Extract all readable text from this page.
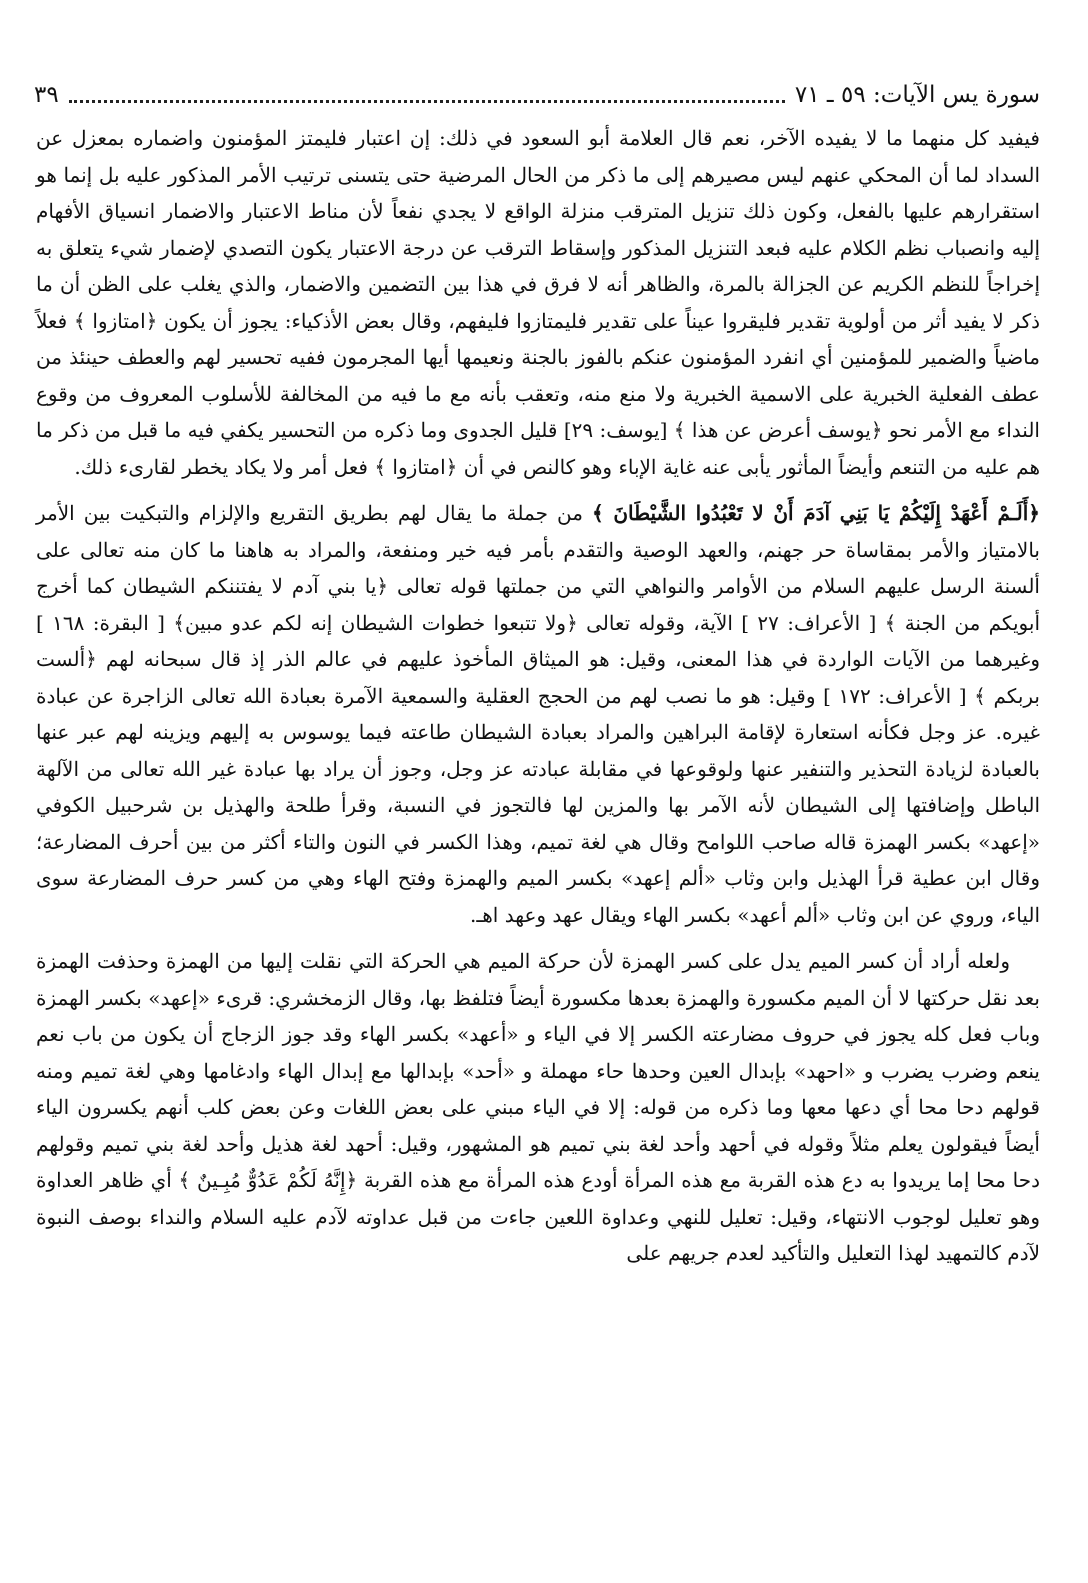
سورة يس الآيات: ٥٩ ـ ٧١
٣٩

فيفيد كل منهما ما لا يفيده الآخر، نعم قال العلامة أبو السعود في ذلك: إن اعتبار فليمتز المؤمنون واضماره بمعزل عن السداد لما أن المحكي عنهم ليس مصيرهم إلى ما ذكر من الحال المرضية حتى يتسنى ترتيب الأمر المذكور عليه بل إنما هو استقرارهم عليها بالفعل، وكون ذلك تنزيل المترقب منزلة الواقع لا يجدي نفعاً لأن مناط الاعتبار والاضمار انسياق الأفهام إليه وانصباب نظم الكلام عليه فبعد التنزيل المذكور وإسقاط الترقب عن درجة الاعتبار يكون التصدي لإضمار شيء يتعلق به إخراجاً للنظم الكريم عن الجزالة بالمرة، والظاهر أنه لا فرق في هذا بين التضمين والاضمار، والذي يغلب على الظن أن ما ذكر لا يفيد أثر من أولوية تقدير فليقروا عيناً على تقدير فليمتازوا فليفهم، وقال بعض الأذكياء: يجوز أن يكون ﴿امتازوا ﴾ فعلاً ماضياً والضمير للمؤمنين أي انفرد المؤمنون عنكم بالفوز بالجنة ونعيمها أيها المجرمون ففيه تحسير لهم والعطف حينئذ من عطف الفعلية الخبرية على الاسمية الخبرية ولا منع منه، وتعقب بأنه مع ما فيه من المخالفة للأسلوب المعروف من وقوع النداء مع الأمر نحو ﴿يوسف أعرض عن هذا ﴾ [يوسف: ٢٩] قليل الجدوى وما ذكره من التحسير يكفي فيه ما قبل من ذكر ما هم عليه من التنعم وأيضاً المأثور يأبى عنه غاية الإباء وهو كالنص في أن ﴿امتازوا ﴾ فعل أمر ولا يكاد يخطر لقارىء ذلك.

﴿أَلَـمْ أَعْهَدْ إِلَيْكُمْ يَا بَنِي آدَمَ أَنْ لا تَعْبُدُوا الشَّيْطَانَ ﴾ من جملة ما يقال لهم بطريق التقريع والإلزام والتبكيت بين الأمر بالامتياز والأمر بمقاساة حر جهنم، والعهد الوصية والتقدم بأمر فيه خير ومنفعة، والمراد به هاهنا ما كان منه تعالى على ألسنة الرسل عليهم السلام من الأوامر والنواهي التي من جملتها قوله تعالى ﴿يا بني آدم لا يفتننكم الشيطان كما أخرج أبويكم من الجنة ﴾ [ الأعراف: ٢٧ ] الآية، وقوله تعالى ﴿ولا تتبعوا خطوات الشيطان إنه لكم عدو مبين﴾ [ البقرة: ١٦٨ ] وغيرهما من الآيات الواردة في هذا المعنى، وقيل: هو الميثاق المأخوذ عليهم في عالم الذر إذ قال سبحانه لهم ﴿ألست بربكم ﴾ [ الأعراف: ١٧٢ ] وقيل: هو ما نصب لهم من الحجج العقلية والسمعية الآمرة بعبادة الله تعالى الزاجرة عن عبادة غيره. عز وجل فكأنه استعارة لإقامة البراهين والمراد بعبادة الشيطان طاعته فيما يوسوس به إليهم ويزينه لهم عبر عنها بالعبادة لزيادة التحذير والتنفير عنها ولوقوعها في مقابلة عبادته عز وجل، وجوز أن يراد بها عبادة غير الله تعالى من الآلهة الباطل وإضافتها إلى الشيطان لأنه الآمر بها والمزين لها فالتجوز في النسبة، وقرأ طلحة والهذيل بن شرحبيل الكوفي «إعهد» بكسر الهمزة قاله صاحب اللوامح وقال هي لغة تميم، وهذا الكسر في النون والتاء أكثر من بين أحرف المضارعة؛ وقال ابن عطية قرأ الهذيل وابن وثاب «ألم إعهد» بكسر الميم والهمزة وفتح الهاء وهي من كسر حرف المضارعة سوى الياء، وروي عن ابن وثاب «ألم أعهد» بكسر الهاء ويقال عهد وعهد اهـ.

ولعله أراد أن كسر الميم يدل على كسر الهمزة لأن حركة الميم هي الحركة التي نقلت إليها من الهمزة وحذفت الهمزة بعد نقل حركتها لا أن الميم مكسورة والهمزة بعدها مكسورة أيضاً فتلفظ بها، وقال الزمخشري: قرىء «إعهد» بكسر الهمزة وباب فعل كله يجوز في حروف مضارعته الكسر إلا في الياء و «أعهد» بكسر الهاء وقد جوز الزجاج أن يكون من باب نعم ينعم وضرب يضرب و «احهد» بإبدال العين وحدها حاء مهملة و «أحد» بإبدالها مع إبدال الهاء وادغامها وهي لغة تميم ومنه قولهم دحا محا أي دعها معها وما ذكره من قوله: إلا في الياء مبني على بعض اللغات وعن بعض كلب أنهم يكسرون الياء أيضاً فيقولون يعلم مثلاً وقوله في أحهد وأحد لغة بني تميم هو المشهور، وقيل: أحهد لغة هذيل وأحد لغة بني تميم وقولهم دحا محا إما يريدوا به دع هذه القربة مع هذه المرأة أودع هذه المرأة مع هذه القربة ﴿إِنَّهُ لَكُمْ عَدُوٌّ مُبِـينٌ ﴾ أي ظاهر العداوة وهو تعليل لوجوب الانتهاء، وقيل: تعليل للنهي وعداوة اللعين جاءت من قبل عداوته لآدم عليه السلام والنداء بوصف النبوة لآدم كالتمهيد لهذا التعليل والتأكيد لعدم جريهم على
